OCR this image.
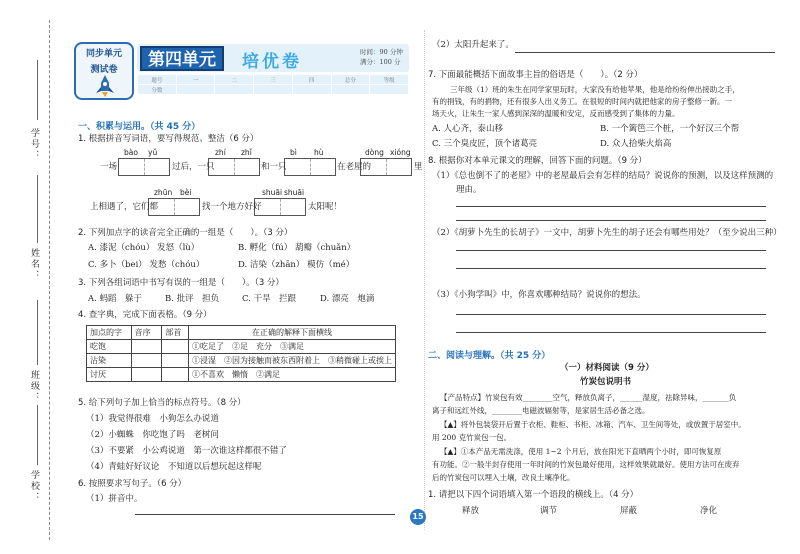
学号：
姓名：
班级：
学校：
同步单元
测试卷	第四单元	培优卷	时间：90 分钟
满分：100 分
题号	一	二	三	四	总分	等级
分数						
一、积累与运用。（共 45 分）
1. 根据拼音写词语，要写得规范、整洁（6 分）
bào yǔ	zhí zhǐ	bì hù	dòng xióng
一场	过后，一只	和一只	在老屋的	里
zhūn bèi	shuāi shuāi
上相遇了，它们都	找一个地方好好	太阳呢！
2. 下列加点字的读音完全正确的一组是（　　）。（3 分）
A. 漆泥（chóu） 发怒（lù）	B. 孵化（fú） 葫瓣（chuǎn）
C. 多卜（bei） 发愁（chóu）	D. 洁染（zhān） 模仿（mé）
3. 下列各组词语中书写有误的一组是（　　）。（3 分）
A. 蚂蹈　躲于	B. 批评　担负	C. 干旱　拦跟	D. 漂亮　炮滴
4. 查字典，完成下面表格。（9 分）
加点的字	音序	部首	在正确的解释下面横线
吃饱			①吃足了　②足　充分　③满足
沾染			①浸湿　②因为接触而被东西附着上　③稍微碰上或挨上
讨厌			①不喜欢　懒惰　②满足
5. 给下列句子加上恰当的标点符号。（8 分）
（1）我觉得很难　小狗怎么办说道
（2）小蜘蛛　你吃饱了吗　老树问
（3）不要紧　小公鸡说道　第一次谁这样都很不错了
（4）青蛙好好议论　不知道以后想玩起这样呢
6. 按照要求写句子。（6 分）
（1）拼音中。
15
（2）太阳升起来了。
7. 下面最能概括下面故事主旨的俗语是（　　）。（2 分）
三年级（1）班的朱生在同学家里玩时，大家没有给他苹果，他是给纷纷伸出接助之手，
有的捐钱，有的捐物，还有很多人出义务工。在很短的时间内就把他家的房子整修一新。一
场天火，让朱生一家人感到深深的温暖和安定，反而感受到了集体的力量。
A. 人心齐，泰山移	B. 一个篱笆三个桩，一个好汉三个帮
C. 三个臭皮匠，顶个诸葛亮	D. 众人拾柴火焰高
8. 根据你对本单元课文的理解，回答下面的问题。（9 分）
（1）《总也倒不了的老屋》中的老屋最后会有怎样的结局？说说你的预测，以及这样预测的
理由。
（2）《胡萝卜先生的长胡子》一文中，胡萝卜先生的胡子还会有哪些用处？（至少说出三种）
（3）《小狗学叫》中，你喜欢哪种结局？说说你的想法。
二、阅读与理解。（共 25 分）
（一）材料阅读（9 分）
竹炭包说明书
【产品特点】竹炭包有效________空气，释放负离子，______湿度，祛除异味，_______负
离子和远红外线，________电磁波辐射等，是家居生活必备之选。
【▲】将外包装袋开后置于衣柜、鞋柜、书柜、冰箱、汽车、卫生间等处，或放置于居室中。
用 200 克竹炭包一包。
【▲】①本产品无需洗涤，使用 1~2 个月后，放在阳光下直晒两个小时，即可恢复原
有功能。②一般半封存使用一年时间的竹炭包最好使用，这样效果就最好。使用方法可在废弃
后的竹炭包可以埋入土壤，改良土壤净化。
1. 请把以下四个词语填入第一个语段的横线上。（4 分）
释放	调节	屏蔽	净化
